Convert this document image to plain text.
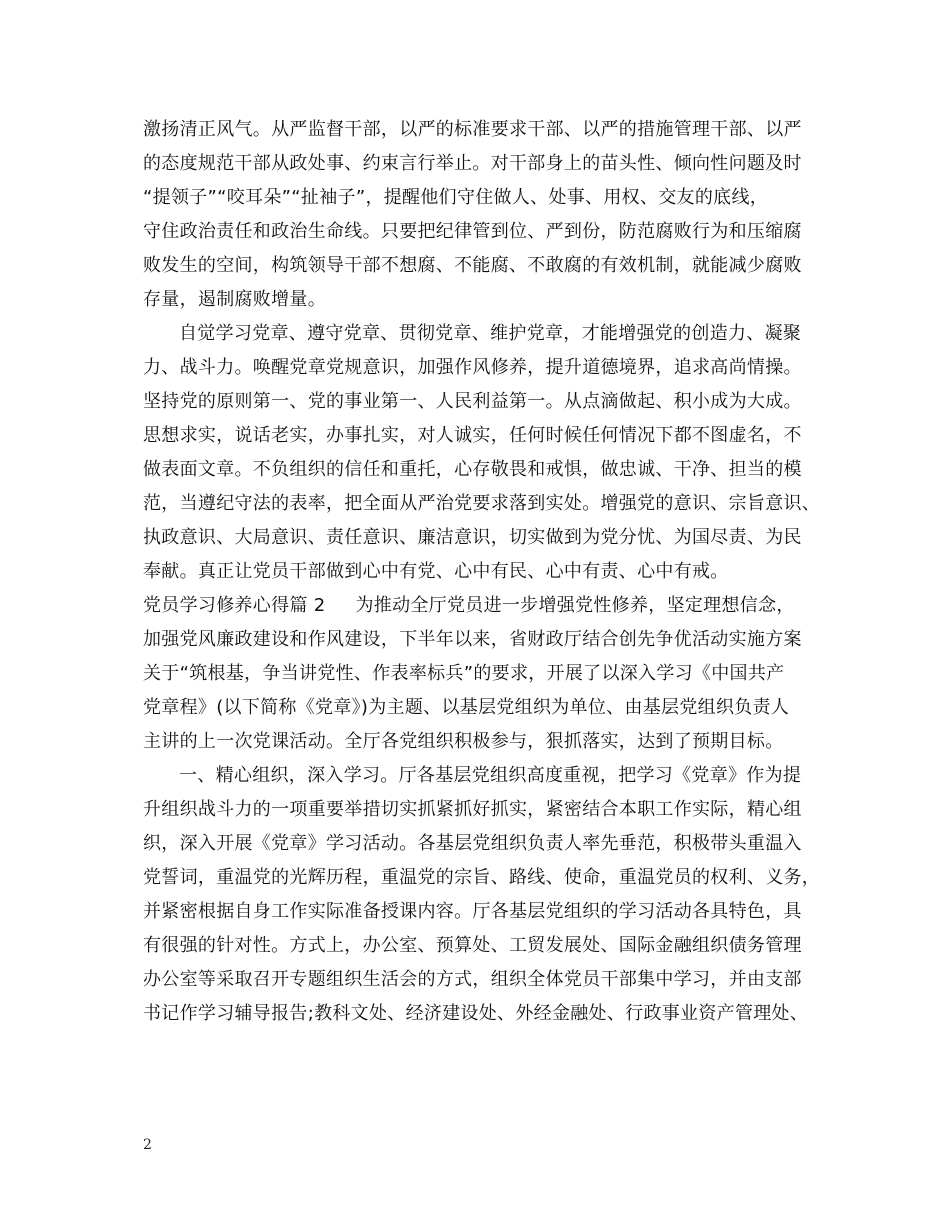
激扬清正风气。从严监督干部，以严的标准要求干部、以严的措施管理干部、以严
的态度规范干部从政处事、约束言行举止。对干部身上的苗头性、倾向性问题及时
“提领子”“咬耳朵”“扯袖子”，提醒他们守住做人、处事、用权、交友的底线，
守住政治责任和政治生命线。只要把纪律管到位、严到份，防范腐败行为和压缩腐
败发生的空间，构筑领导干部不想腐、不能腐、不敢腐的有效机制，就能减少腐败
存量，遏制腐败增量。
自觉学习党章、遵守党章、贯彻党章、维护党章，才能增强党的创造力、凝聚
力、战斗力。唤醒党章党规意识，加强作风修养，提升道德境界，追求高尚情操。
坚持党的原则第一、党的事业第一、人民利益第一。从点滴做起、积小成为大成。
思想求实，说话老实，办事扎实，对人诚实，任何时候任何情况下都不图虚名，不
做表面文章。不负组织的信任和重托，心存敬畏和戒惧，做忠诚、干净、担当的模
范，当遵纪守法的表率，把全面从严治党要求落到实处。增强党的意识、宗旨意识、
执政意识、大局意识、责任意识、廉洁意识，切实做到为党分忧、为国尽责、为民
奉献。真正让党员干部做到心中有党、心中有民、心中有责、心中有戒。
党员学习修养心得篇 2 为推动全厅党员进一步增强党性修养，坚定理想信念，
加强党风廉政建设和作风建设，下半年以来，省财政厅结合创先争优活动实施方案
关于“筑根基，争当讲党性、作表率标兵”的要求，开展了以深入学习《中国共产
党章程》(以下简称《党章》)为主题、以基层党组织为单位、由基层党组织负责人
主讲的上一次党课活动。全厅各党组织积极参与，狠抓落实，达到了预期目标。
一、精心组织，深入学习。厅各基层党组织高度重视，把学习《党章》作为提
升组织战斗力的一项重要举措切实抓紧抓好抓实，紧密结合本职工作实际，精心组
织，深入开展《党章》学习活动。各基层党组织负责人率先垂范，积极带头重温入
党誓词，重温党的光辉历程，重温党的宗旨、路线、使命，重温党员的权利、义务，
并紧密根据自身工作实际准备授课内容。厅各基层党组织的学习活动各具特色，具
有很强的针对性。方式上，办公室、预算处、工贸发展处、国际金融组织债务管理
办公室等采取召开专题组织生活会的方式，组织全体党员干部集中学习，并由支部
书记作学习辅导报告;教科文处、经济建设处、外经金融处、行政事业资产管理处、
2
